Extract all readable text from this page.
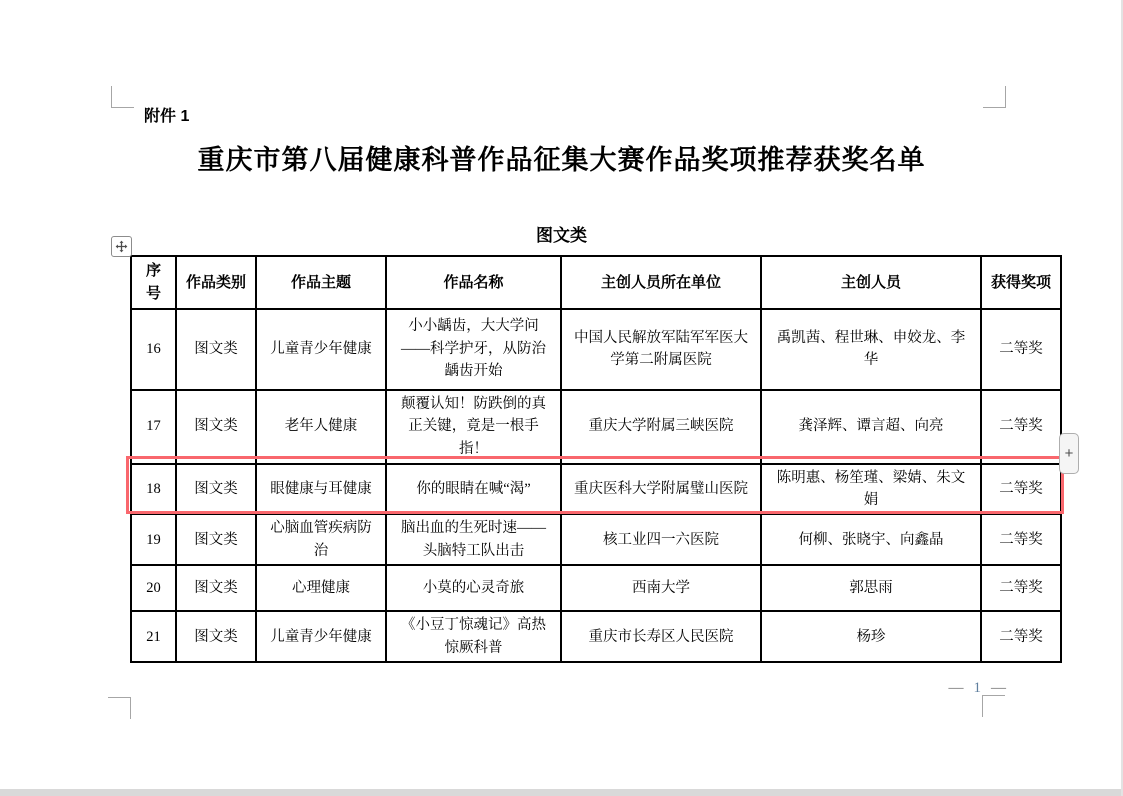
附件 1
重庆市第八届健康科普作品征集大赛作品奖项推荐获奖名单
图文类
序号	作品类别	作品主题	作品名称	主创人员所在单位	主创人员	获得奖项
16	图文类	儿童青少年健康	小小龋齿，大大学问——科学护牙，从防治龋齿开始	中国人民解放军陆军军医大学第二附属医院	禹凯茜、程世琳、申姣龙、李华	二等奖
17	图文类	老年人健康	颠覆认知！防跌倒的真正关键，竟是一根手指！	重庆大学附属三峡医院	龚泽辉、谭言超、向亮	二等奖
18	图文类	眼健康与耳健康	你的眼睛在喊“渴”	重庆医科大学附属璧山医院	陈明惠、杨笙瑾、梁婧、朱文娟	二等奖
19	图文类	心脑血管疾病防治	脑出血的生死时速——头脑特工队出击	核工业四一六医院	何柳、张晓宇、向鑫晶	二等奖
20	图文类	心理健康	小莫的心灵奇旅	西南大学	郭思雨	二等奖
21	图文类	儿童青少年健康	《小豆丁惊魂记》高热惊厥科普	重庆市长寿区人民医院	杨珍	二等奖
+
— 1 —
